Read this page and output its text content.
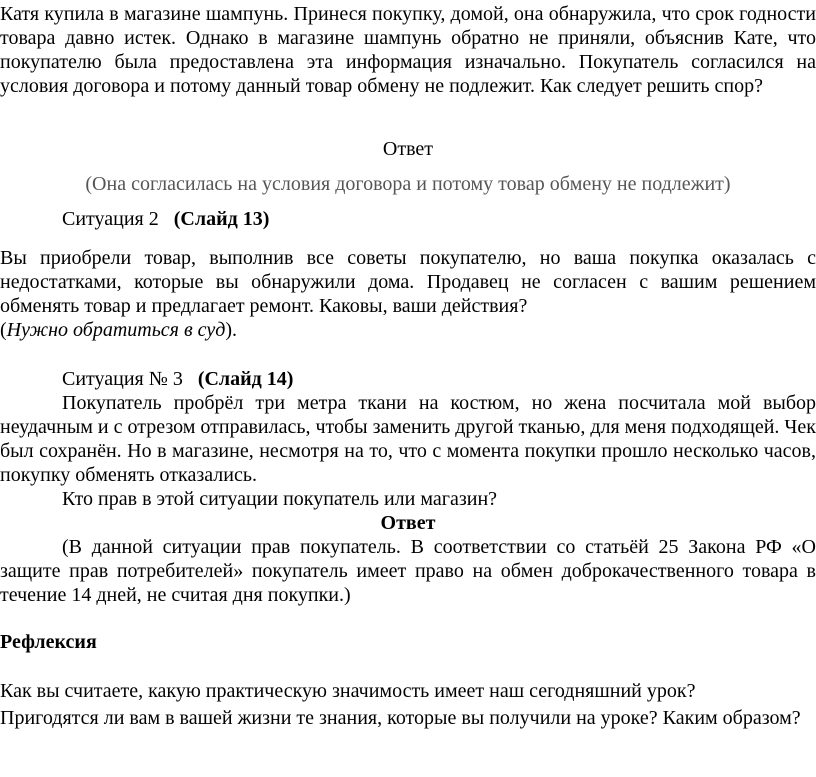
Катя купила в магазине шампунь. Принеся покупку, домой, она обнаружила, что срок годности товара давно истек. Однако в магазине шампунь обратно не приняли, объяснив Кате, что покупателю была предоставлена эта информация изначально. Покупатель согласился на условия договора и потому данный товар обмену не подлежит. Как следует решить спор?

Ответ

(Она согласилась на условия договора и потому товар обмену не подлежит)

Ситуация 2 (Слайд 13)

Вы приобрели товар, выполнив все советы покупателю, но ваша покупка оказалась с недостатками, которые вы обнаружили дома. Продавец не согласен с вашим решением обменять товар и предлагает ремонт. Каковы, ваши действия?

(Нужно обратиться в суд).

Ситуация № 3 (Слайд 14)

Покупатель пробрёл три метра ткани на костюм, но жена посчитала мой выбор неудачным и с отрезом отправилась, чтобы заменить другой тканью, для меня подходящей. Чек был сохранён. Но в магазине, несмотря на то, что с момента покупки прошло несколько часов, покупку обменять отказались.

Кто прав в этой ситуации покупатель или магазин?

Ответ

(В данной ситуации прав покупатель. В соответствии со статьёй 25 Закона РФ «О защите прав потребителей» покупатель имеет право на обмен доброкачественного товара в течение 14 дней, не считая дня покупки.)

Рефлексия

Как вы считаете, какую практическую значимость имеет наш сегодняшний урок?

Пригодятся ли вам в вашей жизни те знания, которые вы получили на уроке? Каким образом?
